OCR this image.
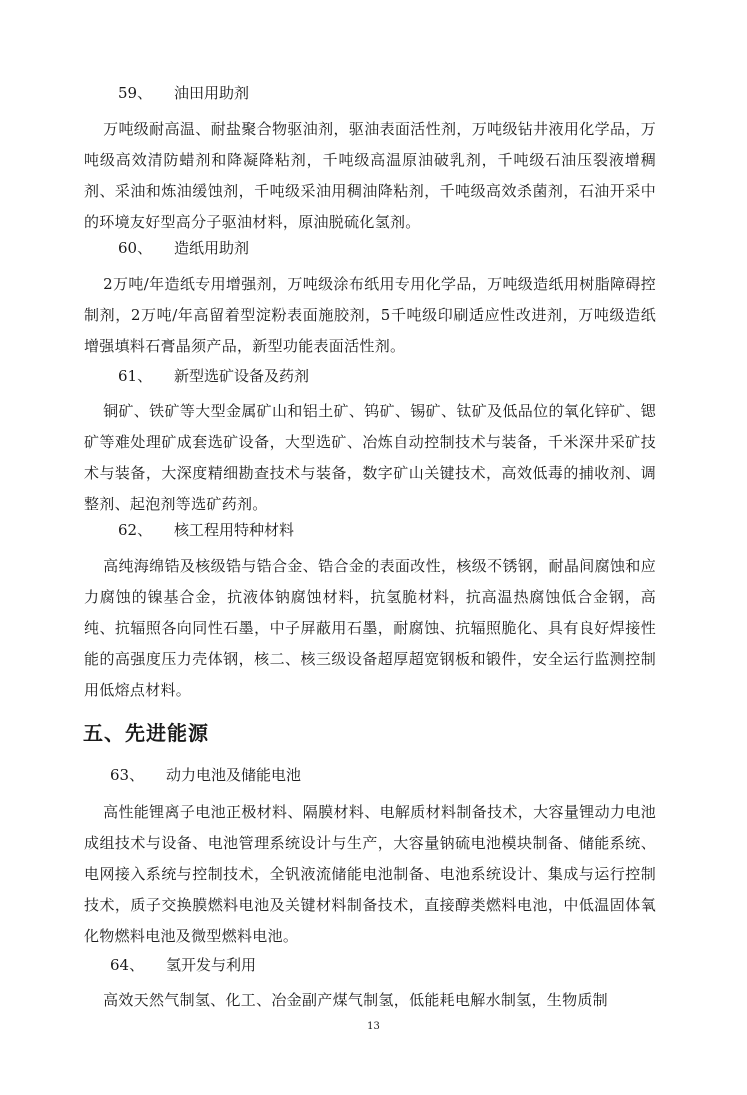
59、 油田用助剂
万吨级耐高温、耐盐聚合物驱油剂，驱油表面活性剂，万吨级钻井液用化学品，万吨级高效清防蜡剂和降凝降粘剂，千吨级高温原油破乳剂，千吨级石油压裂液增稠剂、采油和炼油缓蚀剂，千吨级采油用稠油降粘剂，千吨级高效杀菌剂，石油开采中的环境友好型高分子驱油材料，原油脱硫化氢剂。
60、 造纸用助剂
2万吨/年造纸专用增强剂，万吨级涂布纸用专用化学品，万吨级造纸用树脂障碍控制剂，2万吨/年高留着型淀粉表面施胶剂，5千吨级印刷适应性改进剂，万吨级造纸增强填料石膏晶须产品，新型功能表面活性剂。
61、 新型选矿设备及药剂
铜矿、铁矿等大型金属矿山和铝土矿、钨矿、锡矿、钛矿及低品位的氧化锌矿、锶矿等难处理矿成套选矿设备，大型选矿、冶炼自动控制技术与装备，千米深井采矿技术与装备，大深度精细勘查技术与装备，数字矿山关键技术，高效低毒的捕收剂、调整剂、起泡剂等选矿药剂。
62、 核工程用特种材料
高纯海绵锆及核级锆与锆合金、锆合金的表面改性，核级不锈钢，耐晶间腐蚀和应力腐蚀的镍基合金，抗液体钠腐蚀材料，抗氢脆材料，抗高温热腐蚀低合金钢，高纯、抗辐照各向同性石墨，中子屏蔽用石墨，耐腐蚀、抗辐照脆化、具有良好焊接性能的高强度压力壳体钢，核二、核三级设备超厚超宽钢板和锻件，安全运行监测控制用低熔点材料。
五、先进能源
63、 动力电池及储能电池
高性能锂离子电池正极材料、隔膜材料、电解质材料制备技术，大容量锂动力电池成组技术与设备、电池管理系统设计与生产，大容量钠硫电池模块制备、储能系统、电网接入系统与控制技术，全钒液流储能电池制备、电池系统设计、集成与运行控制技术，质子交换膜燃料电池及关键材料制备技术，直接醇类燃料电池，中低温固体氧化物燃料电池及微型燃料电池。
64、 氢开发与利用
高效天然气制氢、化工、冶金副产煤气制氢，低能耗电解水制氢，生物质制
13
